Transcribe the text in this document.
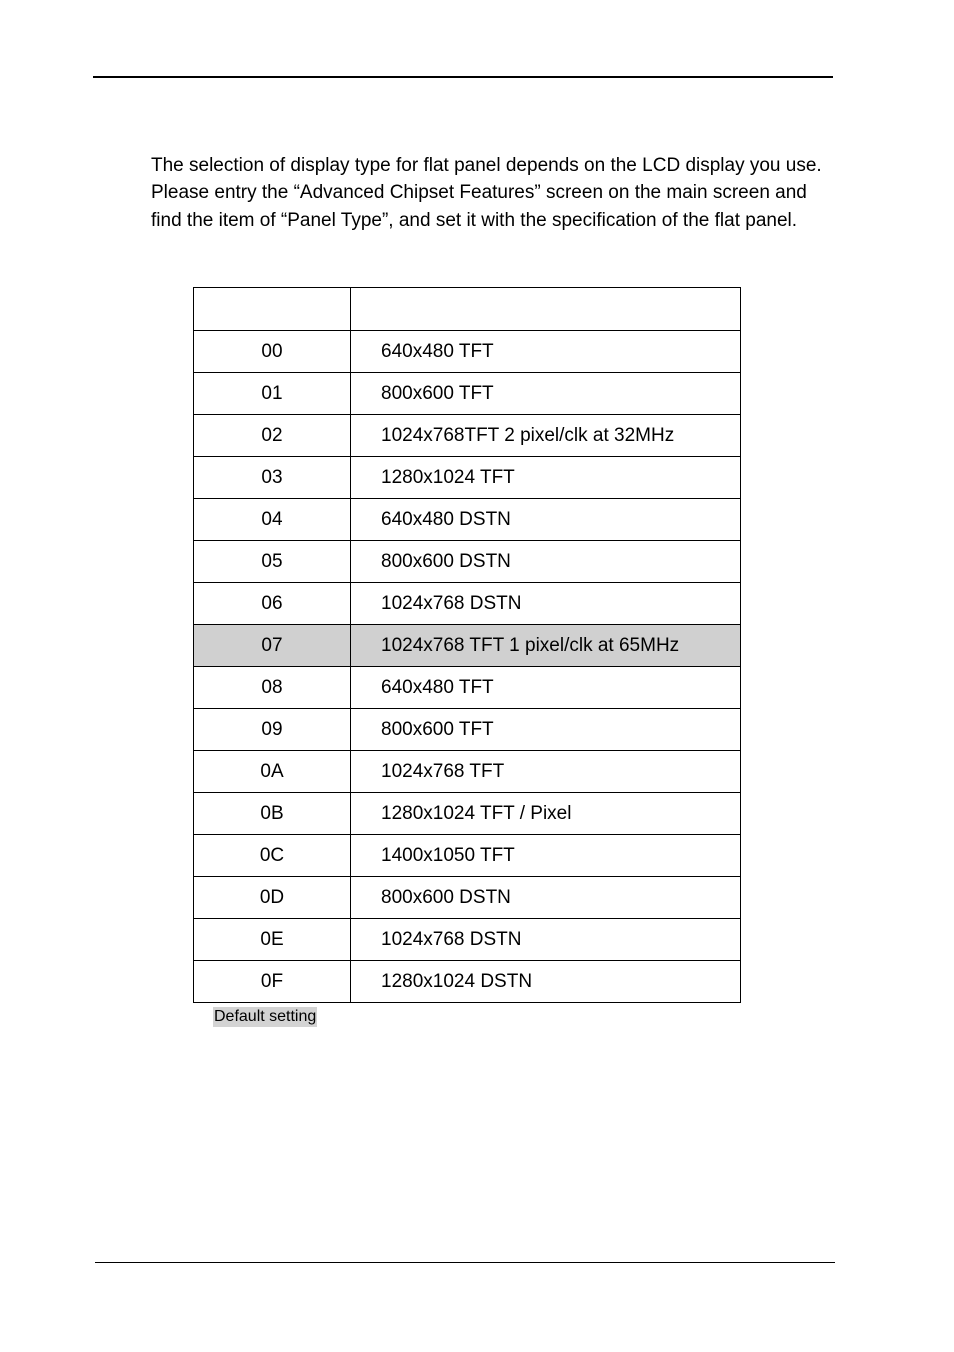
The selection of display type for flat panel depends on the LCD display you use. Please entry the “Advanced Chipset Features” screen on the main screen and find the item of “Panel Type”, and set it with the specification of the flat panel.

00	640x480 TFT
01	800x600 TFT
02	1024x768TFT 2 pixel/clk at 32MHz
03	1280x1024 TFT
04	640x480 DSTN
05	800x600 DSTN
06	1024x768 DSTN
07	1024x768 TFT 1 pixel/clk at 65MHz
08	640x480 TFT
09	800x600 TFT
0A	1024x768 TFT
0B	1280x1024 TFT / Pixel
0C	1400x1050 TFT
0D	800x600 DSTN
0E	1024x768 DSTN
0F	1280x1024 DSTN
Default setting
